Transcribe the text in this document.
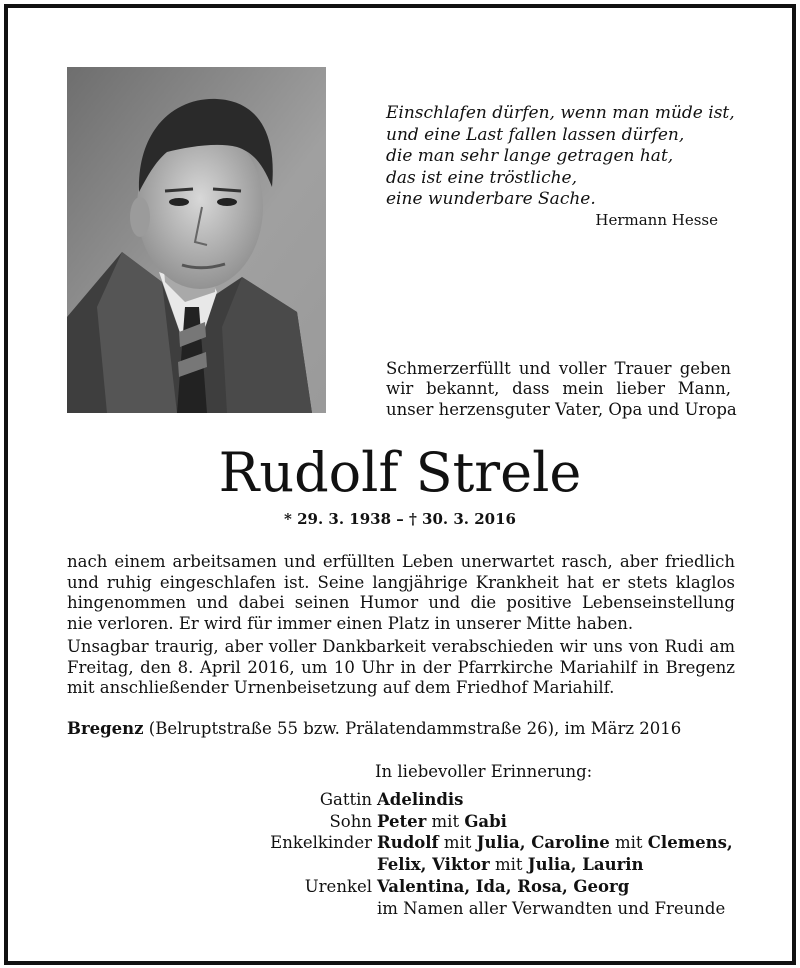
Einschlafen dürfen, wenn man müde ist,
und eine Last fallen lassen dürfen,
die man sehr lange getragen hat,
das ist eine tröstliche,
eine wunderbare Sache.
Hermann Hesse
Schmerzerfüllt und voller Trauer geben
wir bekannt, dass mein lieber Mann,
unser herzensguter Vater, Opa und Uropa
Rudolf Strele
* 29. 3. 1938 – † 30. 3. 2016
nach einem arbeitsamen und erfüllten Leben unerwartet rasch, aber friedlich
und ruhig eingeschlafen ist. Seine langjährige Krankheit hat er stets klaglos
hingenommen und dabei seinen Humor und die positive Lebenseinstellung
nie verloren. Er wird für immer einen Platz in unserer Mitte haben.
Unsagbar traurig, aber voller Dankbarkeit verabschieden wir uns von Rudi am
Freitag, den 8. April 2016, um 10 Uhr in der Pfarrkirche Mariahilf in Bregenz
mit anschließender Urnenbeisetzung auf dem Friedhof Mariahilf.
Bregenz (Belruptstraße 55 bzw. Prälatendammstraße 26), im März 2016
In liebevoller Erinnerung:
Gattin Adelindis
Sohn Peter mit Gabi
Enkelkinder Rudolf mit Julia, Caroline mit Clemens,
Felix, Viktor mit Julia, Laurin
Urenkel Valentina, Ida, Rosa, Georg
im Namen aller Verwandten und Freunde
